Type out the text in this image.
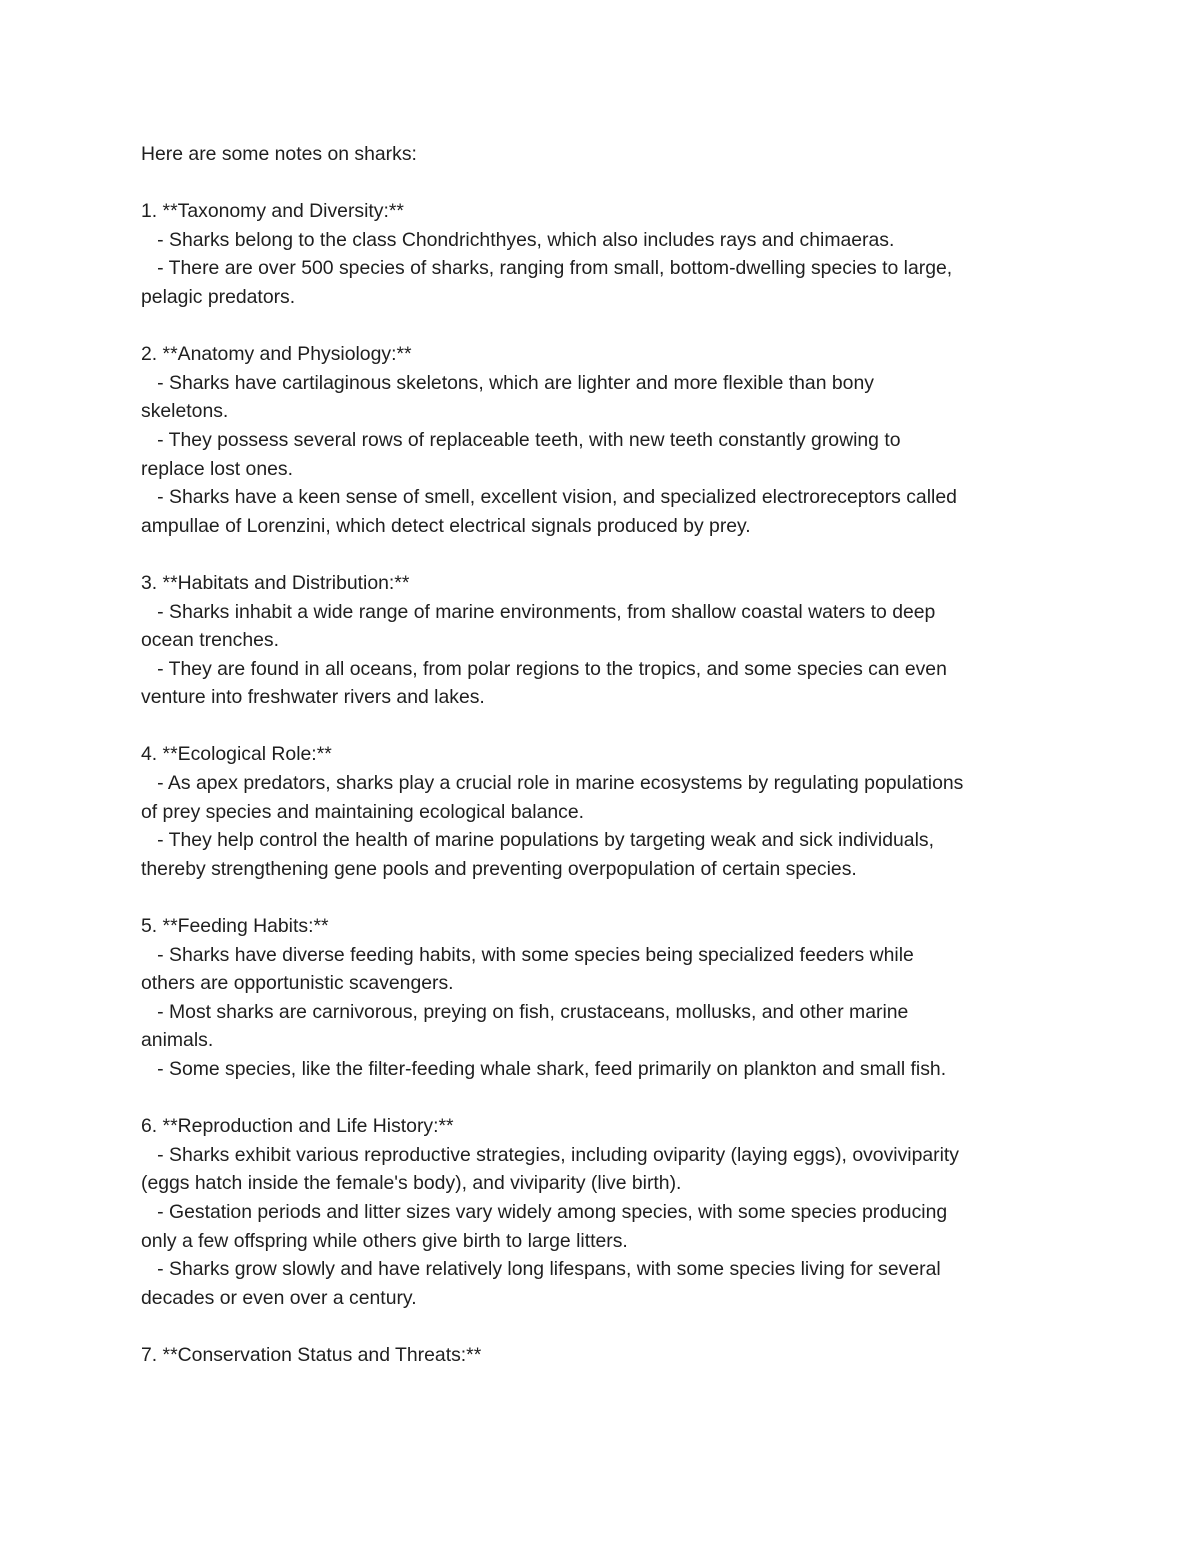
Here are some notes on sharks:
1. **Taxonomy and Diversity:**
- Sharks belong to the class Chondrichthyes, which also includes rays and chimaeras.
- There are over 500 species of sharks, ranging from small, bottom-dwelling species to large,
pelagic predators.
2. **Anatomy and Physiology:**
- Sharks have cartilaginous skeletons, which are lighter and more flexible than bony
skeletons.
- They possess several rows of replaceable teeth, with new teeth constantly growing to
replace lost ones.
- Sharks have a keen sense of smell, excellent vision, and specialized electroreceptors called
ampullae of Lorenzini, which detect electrical signals produced by prey.
3. **Habitats and Distribution:**
- Sharks inhabit a wide range of marine environments, from shallow coastal waters to deep
ocean trenches.
- They are found in all oceans, from polar regions to the tropics, and some species can even
venture into freshwater rivers and lakes.
4. **Ecological Role:**
- As apex predators, sharks play a crucial role in marine ecosystems by regulating populations
of prey species and maintaining ecological balance.
- They help control the health of marine populations by targeting weak and sick individuals,
thereby strengthening gene pools and preventing overpopulation of certain species.
5. **Feeding Habits:**
- Sharks have diverse feeding habits, with some species being specialized feeders while
others are opportunistic scavengers.
- Most sharks are carnivorous, preying on fish, crustaceans, mollusks, and other marine
animals.
- Some species, like the filter-feeding whale shark, feed primarily on plankton and small fish.
6. **Reproduction and Life History:**
- Sharks exhibit various reproductive strategies, including oviparity (laying eggs), ovoviviparity
(eggs hatch inside the female's body), and viviparity (live birth).
- Gestation periods and litter sizes vary widely among species, with some species producing
only a few offspring while others give birth to large litters.
- Sharks grow slowly and have relatively long lifespans, with some species living for several
decades or even over a century.
7. **Conservation Status and Threats:**
